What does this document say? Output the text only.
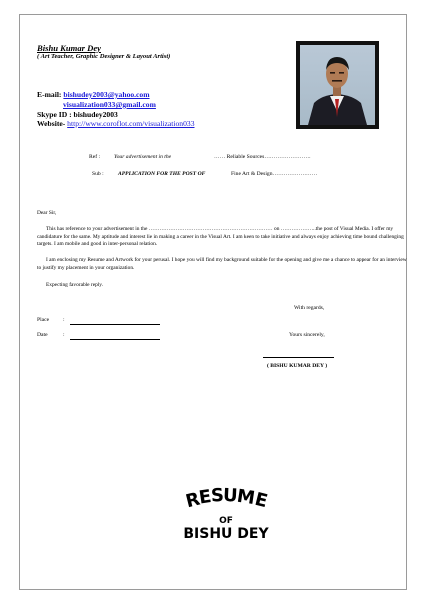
Bishu Kumar Dey
( Art Teacher, Graphic Designer & Layout Artist)
E-mail: bishudey2003@yahoo.com
visualization033@gmail.com
Skype ID : bishudey2003
Website- http://www.coroflot.com/visualization033
Ref : Your advertisement in the	…… Reliable Sources…………………….
Sub :	APPLICATION FOR THE POST OF	Fine Art & Design……………………
Dear Sir,
This has reference to your advertisement in the …………………………………………………………… on ………………..the post of Visual Media. I offer my candidature for the same. My aptitude and interest lie in making a career in the Visual Art. I am keen to take initiative and always enjoy achieving time bound challenging targets. I am mobile and good in inter-personal relation.
I am enclosing my Resume and Artwork for your perusal. I hope you will find my background suitable for the opening and give me a chance to appear for an interview to justify my placement in your organization.
Expecting favorable reply.
With regards,
Place :
Date	:	Yours sincerely,
( BISHU KUMAR DEY )
RESUME
OF
BISHU DEY
